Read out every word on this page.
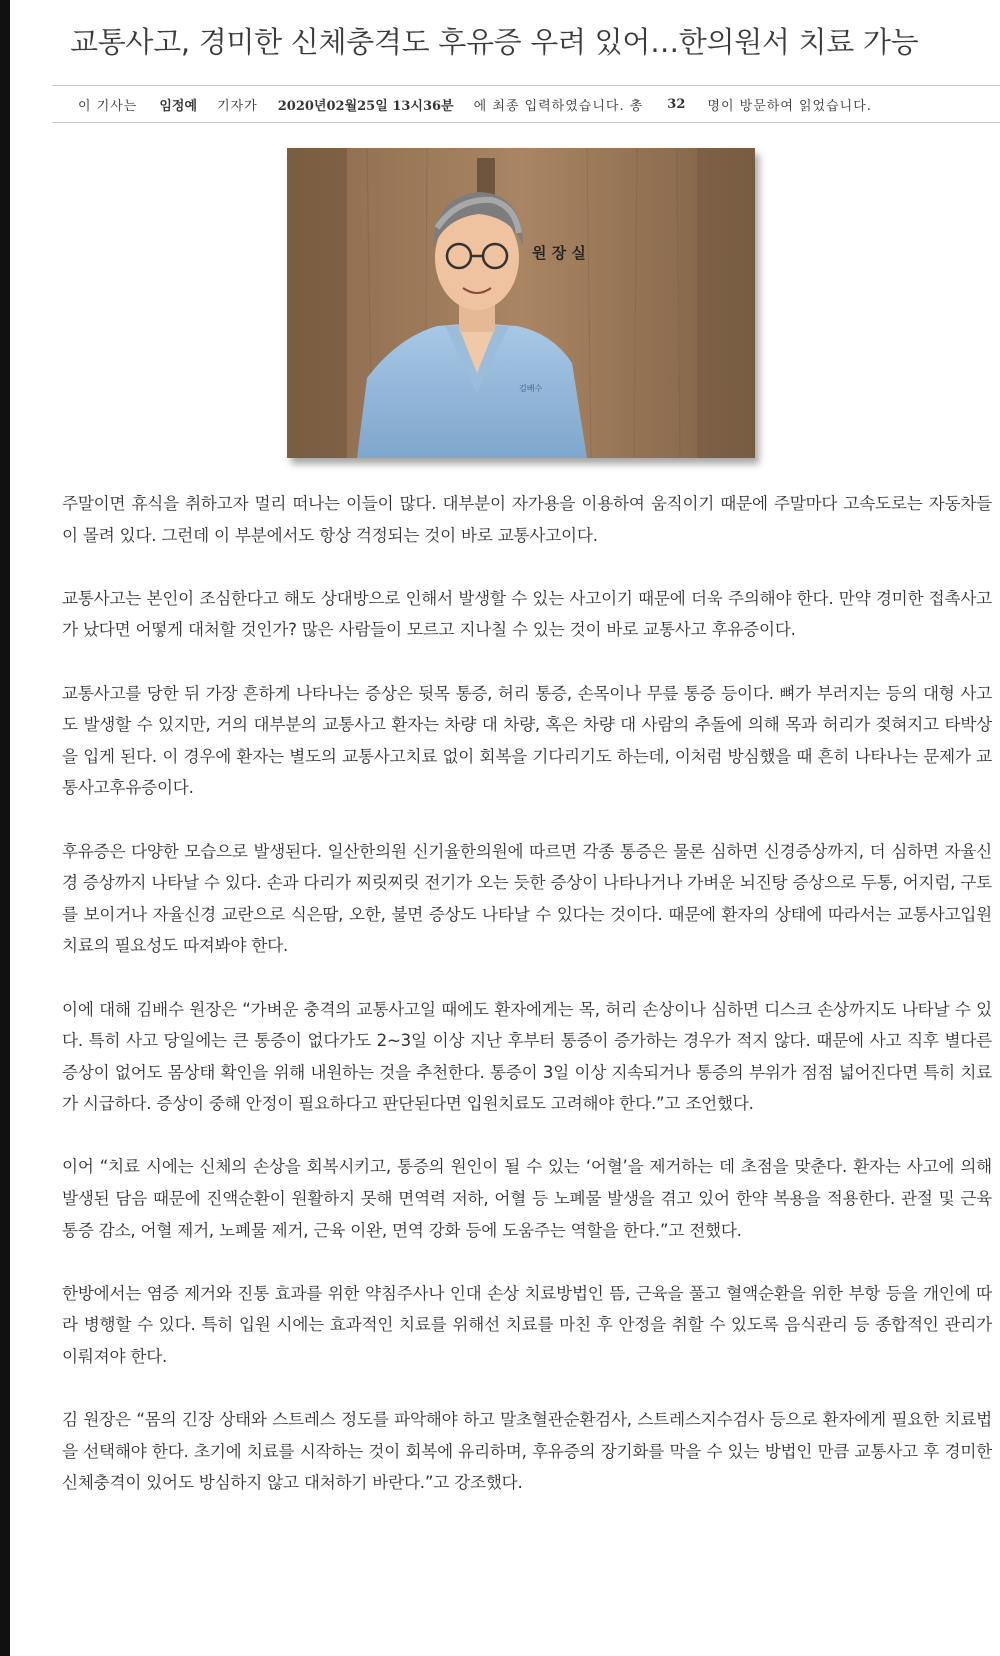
교통사고, 경미한 신체충격도 후유증 우려 있어…한의원서 치료 가능
이 기사는 임정예 기자가 2020년02월25일 13시36분 에 최종 입력하였습니다. 총 32 명이 방문하여 읽었습니다.
원 장 실
김배수

주말이면 휴식을 취하고자 멀리 떠나는 이들이 많다. 대부분이 자가용을 이용하여 움직이기 때문에 주말마다 고속도로는 자동차들이 몰려 있다. 그런데 이 부분에서도 항상 걱정되는 것이 바로 교통사고이다.

교통사고는 본인이 조심한다고 해도 상대방으로 인해서 발생할 수 있는 사고이기 때문에 더욱 주의해야 한다. 만약 경미한 접촉사고가 났다면 어떻게 대처할 것인가? 많은 사람들이 모르고 지나칠 수 있는 것이 바로 교통사고 후유증이다.

교통사고를 당한 뒤 가장 흔하게 나타나는 증상은 뒷목 통증, 허리 통증, 손목이나 무릎 통증 등이다. 뼈가 부러지는 등의 대형 사고도 발생할 수 있지만, 거의 대부분의 교통사고 환자는 차량 대 차량, 혹은 차량 대 사람의 추돌에 의해 목과 허리가 젖혀지고 타박상을 입게 된다. 이 경우에 환자는 별도의 교통사고치료 없이 회복을 기다리기도 하는데, 이처럼 방심했을 때 흔히 나타나는 문제가 교통사고후유증이다.

후유증은 다양한 모습으로 발생된다. 일산한의원 신기율한의원에 따르면 각종 통증은 물론 심하면 신경증상까지, 더 심하면 자율신경 증상까지 나타날 수 있다. 손과 다리가 찌릿찌릿 전기가 오는 듯한 증상이 나타나거나 가벼운 뇌진탕 증상으로 두통, 어지럼, 구토를 보이거나 자율신경 교란으로 식은땀, 오한, 불면 증상도 나타날 수 있다는 것이다. 때문에 환자의 상태에 따라서는 교통사고입원치료의 필요성도 따져봐야 한다.

이에 대해 김배수 원장은 “가벼운 충격의 교통사고일 때에도 환자에게는 목, 허리 손상이나 심하면 디스크 손상까지도 나타날 수 있다. 특히 사고 당일에는 큰 통증이 없다가도 2~3일 이상 지난 후부터 통증이 증가하는 경우가 적지 않다. 때문에 사고 직후 별다른 증상이 없어도 몸상태 확인을 위해 내원하는 것을 추천한다. 통증이 3일 이상 지속되거나 통증의 부위가 점점 넓어진다면 특히 치료가 시급하다. 증상이 중해 안정이 필요하다고 판단된다면 입원치료도 고려해야 한다.”고 조언했다.

이어 “치료 시에는 신체의 손상을 회복시키고, 통증의 원인이 될 수 있는 ‘어혈’을 제거하는 데 초점을 맞춘다. 환자는 사고에 의해 발생된 담음 때문에 진액순환이 원활하지 못해 면역력 저하, 어혈 등 노폐물 발생을 겪고 있어 한약 복용을 적용한다. 관절 및 근육 통증 감소, 어혈 제거, 노폐물 제거, 근육 이완, 면역 강화 등에 도움주는 역할을 한다.”고 전했다.

한방에서는 염증 제거와 진통 효과를 위한 약침주사나 인대 손상 치료방법인 뜸, 근육을 풀고 혈액순환을 위한 부항 등을 개인에 따라 병행할 수 있다. 특히 입원 시에는 효과적인 치료를 위해선 치료를 마친 후 안정을 취할 수 있도록 음식관리 등 종합적인 관리가 이뤄져야 한다.

김 원장은 “몸의 긴장 상태와 스트레스 정도를 파악해야 하고 말초혈관순환검사, 스트레스지수검사 등으로 환자에게 필요한 치료법을 선택해야 한다. 초기에 치료를 시작하는 것이 회복에 유리하며, 후유증의 장기화를 막을 수 있는 방법인 만큼 교통사고 후 경미한 신체충격이 있어도 방심하지 않고 대처하기 바란다.”고 강조했다.
